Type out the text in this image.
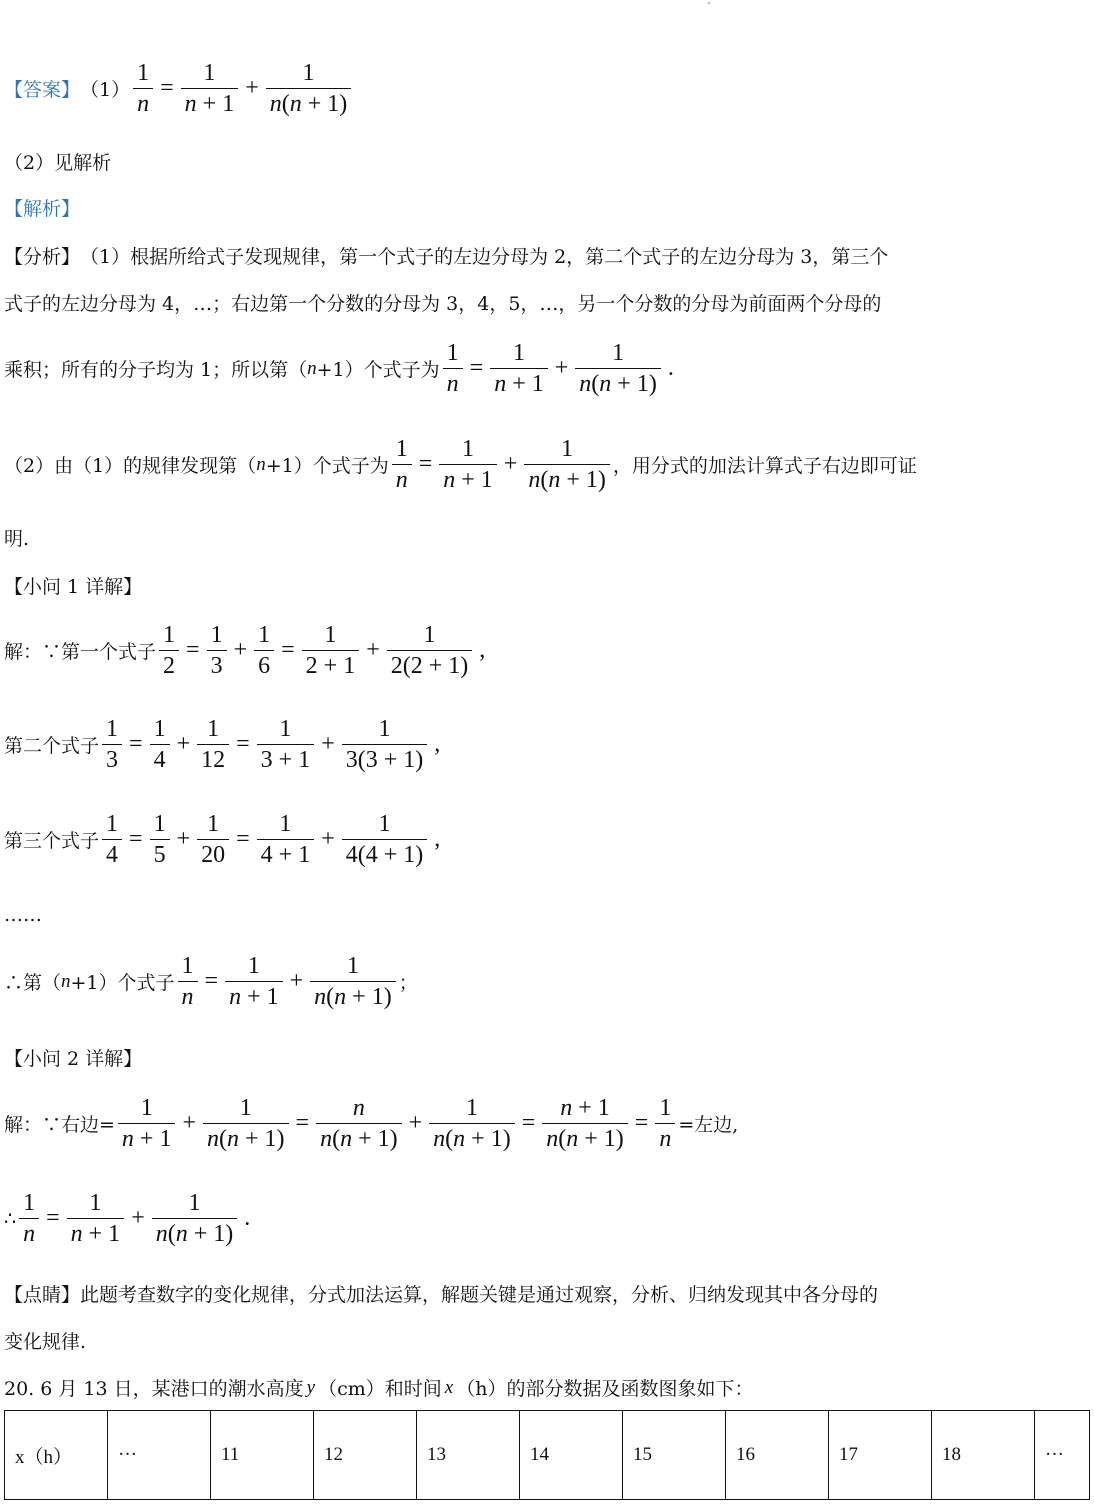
【答案】 $(1) \frac{1}{n} = \frac{1}{n + 1} + \frac{1}{n(n + 1)}$
（2）见解析
【解析】
【分析】 （1）根据所给式子发现规律，第一个式子的左边分母为 2，第二个式子的左边分母为 3，第三个
式子的左边分母为 4，…；右边第一个分数的分母为 3，4，5，…，另一个分数的分母为前面两个分母的
乘积；所有的分子均为 1；所以第（ n +1）个式子为 $\frac{1}{n} = \frac{1}{n + 1} + \frac{1}{n(n + 1)}$ .
（2）由（1）的规律发现第（ n +1）个式子为 $\frac{1}{n} = \frac{1}{n + 1} + \frac{1}{n(n + 1)}$ ，用分式的加法计算式子右边即可证
明.
【小问 1 详解】
解：∵第一个式子 $\frac{1}{2} = \frac{1}{3} + \frac{1}{6} = \frac{1}{2 + 1} + \frac{1}{2(2 + 1)}$ ,
第二个式子 $\frac{1}{3} = \frac{1}{4} + \frac{1}{12} = \frac{1}{3 + 1} + \frac{1}{3(3 + 1)}$ ,
第三个式子 $\frac{1}{4} = \frac{1}{5} + \frac{1}{20} = \frac{1}{4 + 1} + \frac{1}{4(4 + 1)}$ ,
……
∴第（ n +1）个式子 $\frac{1}{n} = \frac{1}{n + 1} + \frac{1}{n(n + 1)}$ ；
【小问 2 详解】
解：∵右边= $\frac{1}{n + 1} + \frac{1}{n(n + 1)} = \frac{n}{n(n + 1)} + \frac{1}{n(n + 1)} = \frac{n + 1}{n(n + 1)} = \frac{1}{n}$ =左边,
∴ $\frac{1}{n} = \frac{1}{n + 1} + \frac{1}{n(n + 1)}$ .
【点睛】 此题考查数字的变化规律，分式加法运算，解题关键是通过观察，分析、归纳发现其中各分母的
变化规律.
20. 6 月 13 日，某港口的潮水高度 y （cm） 和时间 x （h） 的部分数据及函数图象如下：
x（h）	···	11	12	13	14	15	16	17	18	···
